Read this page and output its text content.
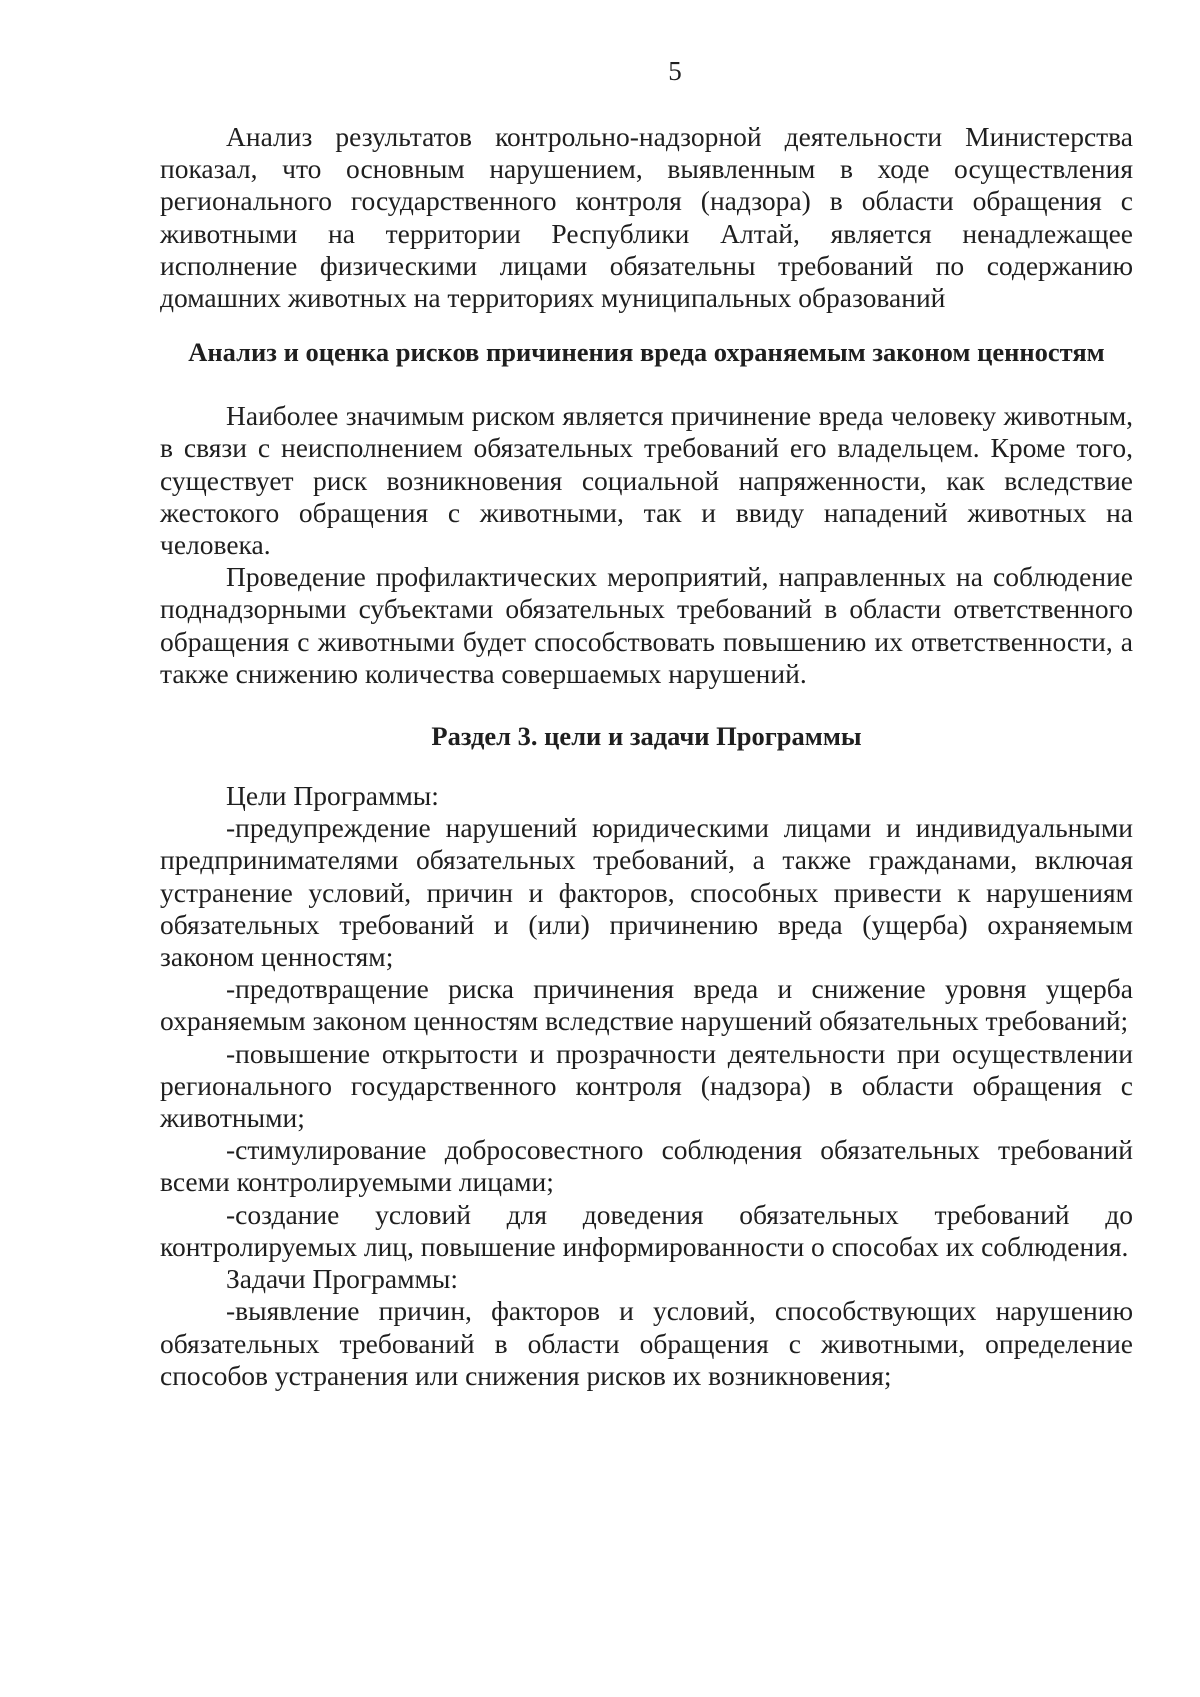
5

Анализ результатов контрольно-надзорной деятельности Министерства показал, что основным нарушением, выявленным в ходе осуществления регионального государственного контроля (надзора) в области обращения с животными на территории Республики Алтай, является ненадлежащее исполнение физическими лицами обязательны требований по содержанию домашних животных на территориях муниципальных образований

Анализ и оценка рисков причинения вреда охраняемым законом ценностям

Наиболее значимым риском является причинение вреда человеку животным, в связи с неисполнением обязательных требований его владельцем. Кроме того, существует риск возникновения социальной напряженности, как вследствие жестокого обращения с животными, так и ввиду нападений животных на человека.

Проведение профилактических мероприятий, направленных на соблюдение поднадзорными субъектами обязательных требований в области ответственного обращения с животными будет способствовать повышению их ответственности, а также снижению количества совершаемых нарушений.

Раздел 3. цели и задачи Программы

Цели Программы:

-предупреждение нарушений юридическими лицами и индивидуальными предпринимателями обязательных требований, а также гражданами, включая устранение условий, причин и факторов, способных привести к нарушениям обязательных требований и (или) причинению вреда (ущерба) охраняемым законом ценностям;

-предотвращение риска причинения вреда и снижение уровня ущерба охраняемым законом ценностям вследствие нарушений обязательных требований;

-повышение открытости и прозрачности деятельности при осуществлении регионального государственного контроля (надзора) в области обращения с животными;

-стимулирование добросовестного соблюдения обязательных требований всеми контролируемыми лицами;

-создание условий для доведения обязательных требований до контролируемых лиц, повышение информированности о способах их соблюдения.

Задачи Программы:

-выявление причин, факторов и условий, способствующих нарушению обязательных требований в области обращения с животными, определение способов устранения или снижения рисков их возникновения;
